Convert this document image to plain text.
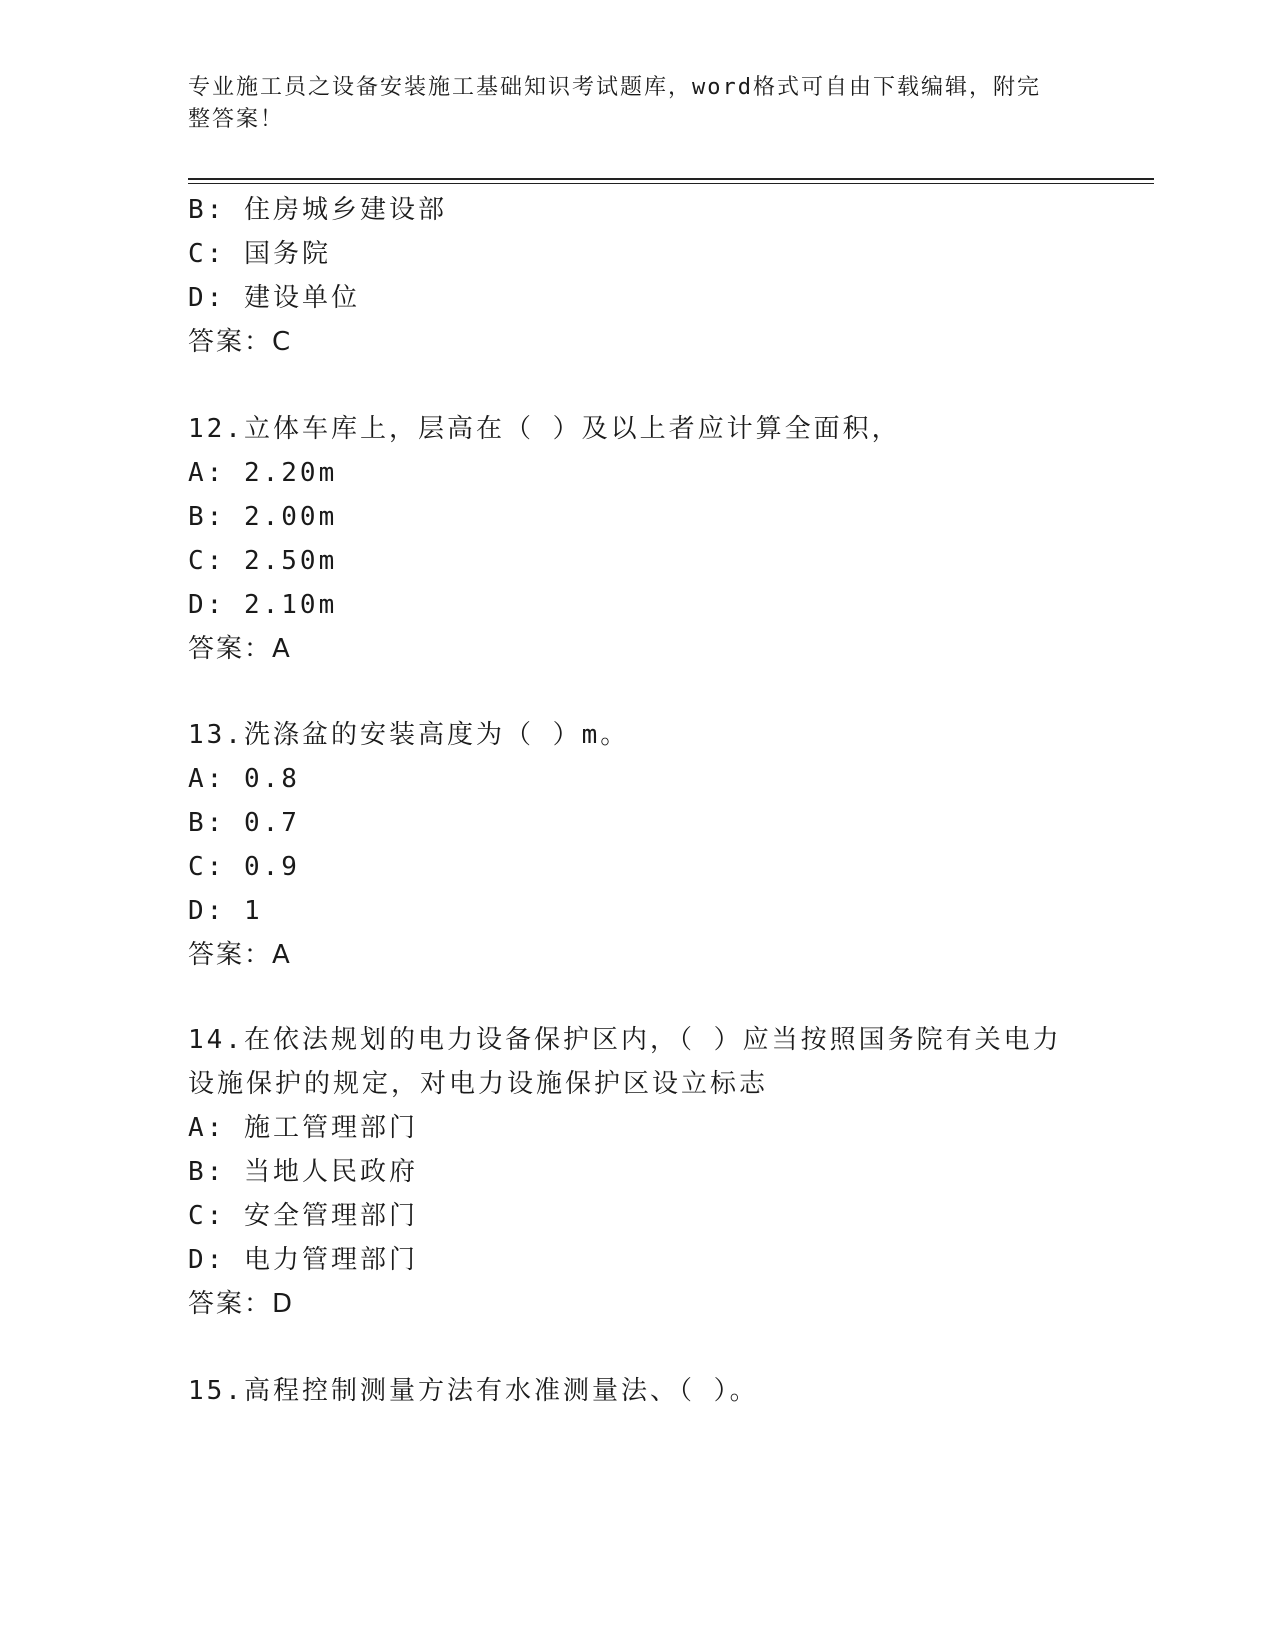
专业施工员之设备安装施工基础知识考试题库，word格式可自由下载编辑，附完
整答案！
B: 住房城乡建设部
C: 国务院
D: 建设单位
答案：C
12.立体车库上，层高在（ ）及以上者应计算全面积，
A: 2.20m
B: 2.00m
C: 2.50m
D: 2.10m
答案：A
13.洗涤盆的安装高度为（ ）m。
A: 0.8
B: 0.7
C: 0.9
D: 1
答案：A
14.在依法规划的电力设备保护区内，（ ）应当按照国务院有关电力
设施保护的规定，对电力设施保护区设立标志
A: 施工管理部门
B: 当地人民政府
C: 安全管理部门
D: 电力管理部门
答案：D
15.高程控制测量方法有水准测量法、（ ）。
